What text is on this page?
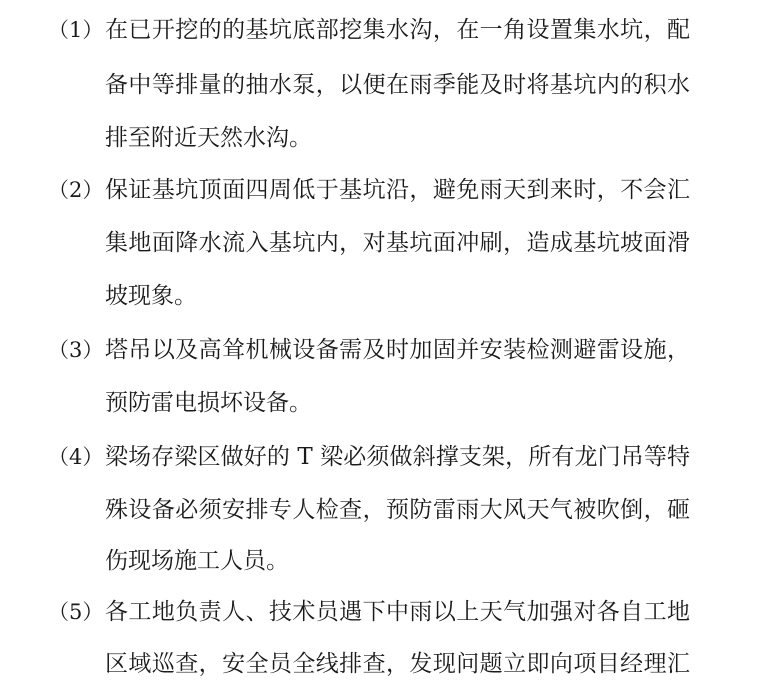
（1） 在已开挖的的基坑底部挖集水沟，在一角设置集水坑，配
备中等排量的抽水泵，以便在雨季能及时将基坑内的积水
排至附近天然水沟。
（2） 保证基坑顶面四周低于基坑沿，避免雨天到来时，不会汇
集地面降水流入基坑内，对基坑面冲刷，造成基坑坡面滑
坡现象。
（3） 塔吊以及高耸机械设备需及时加固并安装检测避雷设施，
预防雷电损坏设备。
（4） 梁场存梁区做好的 T 梁必须做斜撑支架，所有龙门吊等特
殊设备必须安排专人检查，预防雷雨大风天气被吹倒，砸
伤现场施工人员。
（5） 各工地负责人、技术员遇下中雨以上天气加强对各自工地
区域巡查，安全员全线排查，发现问题立即向项目经理汇
